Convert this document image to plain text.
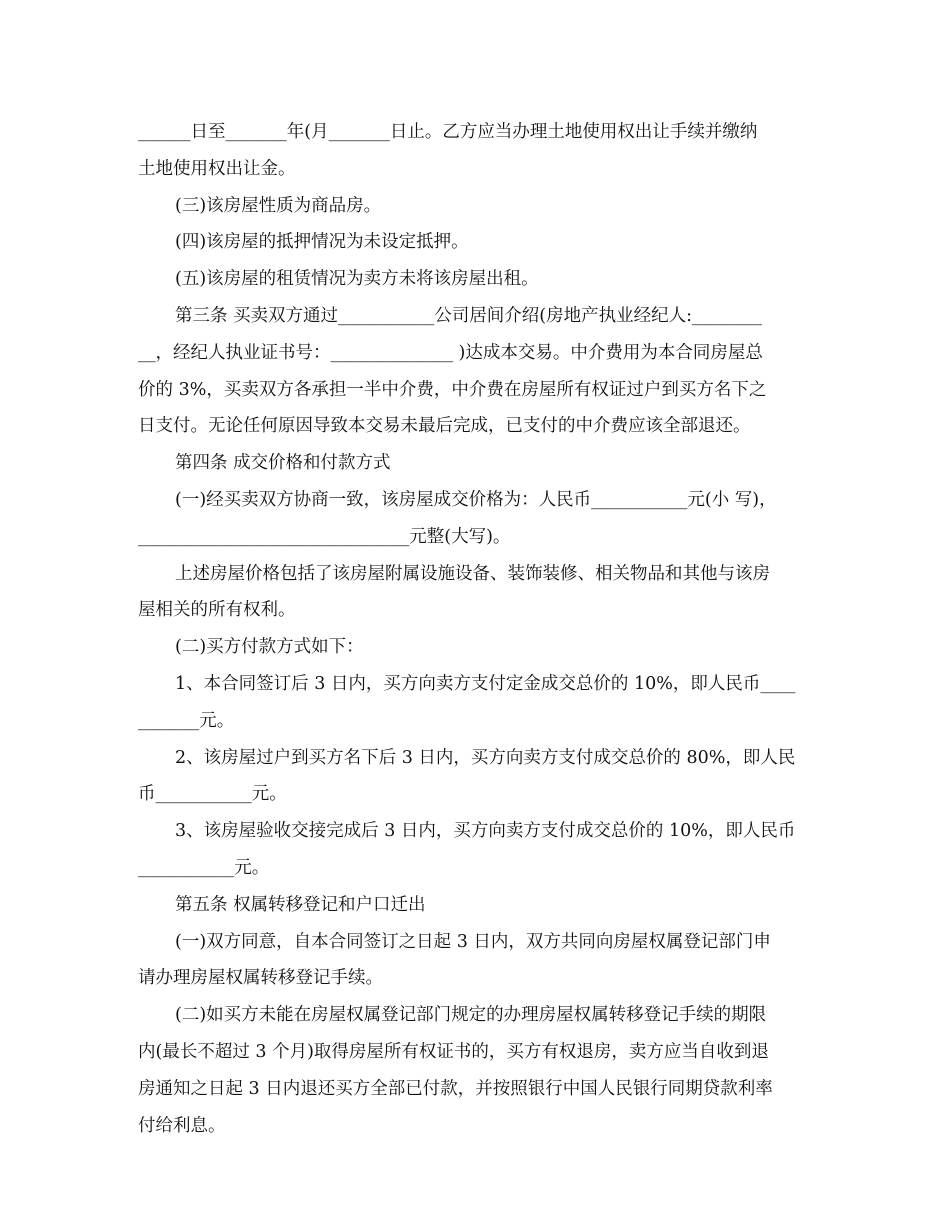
______日至_______年(月_______日止。乙方应当办理土地使用权出让手续并缴纳
土地使用权出让金。
(三)该房屋性质为商品房。
(四)该房屋的抵押情况为未设定抵押。
(五)该房屋的租赁情况为卖方未将该房屋出租。
第三条 买卖双方通过___________公司居间介绍(房地产执业经纪人:________
__，经纪人执业证书号：______________ )达成本交易。中介费用为本合同房屋总
价的 3%，买卖双方各承担一半中介费，中介费在房屋所有权证过户到买方名下之
日支付。无论任何原因导致本交易未最后完成，已支付的中介费应该全部退还。
第四条 成交价格和付款方式
(一)经买卖双方协商一致，该房屋成交价格为：人民币___________元(小 写)，
_______________________________元整(大写)。
上述房屋价格包括了该房屋附属设施设备、装饰装修、相关物品和其他与该房
屋相关的所有权利。
(二)买方付款方式如下：
1、本合同签订后 3 日内，买方向卖方支付定金成交总价的 10%，即人民币____
_______元。
2、该房屋过户到买方名下后 3 日内，买方向卖方支付成交总价的 80%，即人民
币___________元。
3、该房屋验收交接完成后 3 日内，买方向卖方支付成交总价的 10%，即人民币
___________元。
第五条 权属转移登记和户口迁出
(一)双方同意，自本合同签订之日起 3 日内，双方共同向房屋权属登记部门申
请办理房屋权属转移登记手续。
(二)如买方未能在房屋权属登记部门规定的办理房屋权属转移登记手续的期限
内(最长不超过 3 个月)取得房屋所有权证书的，买方有权退房，卖方应当自收到退
房通知之日起 3 日内退还买方全部已付款，并按照银行中国人民银行同期贷款利率
付给利息。
